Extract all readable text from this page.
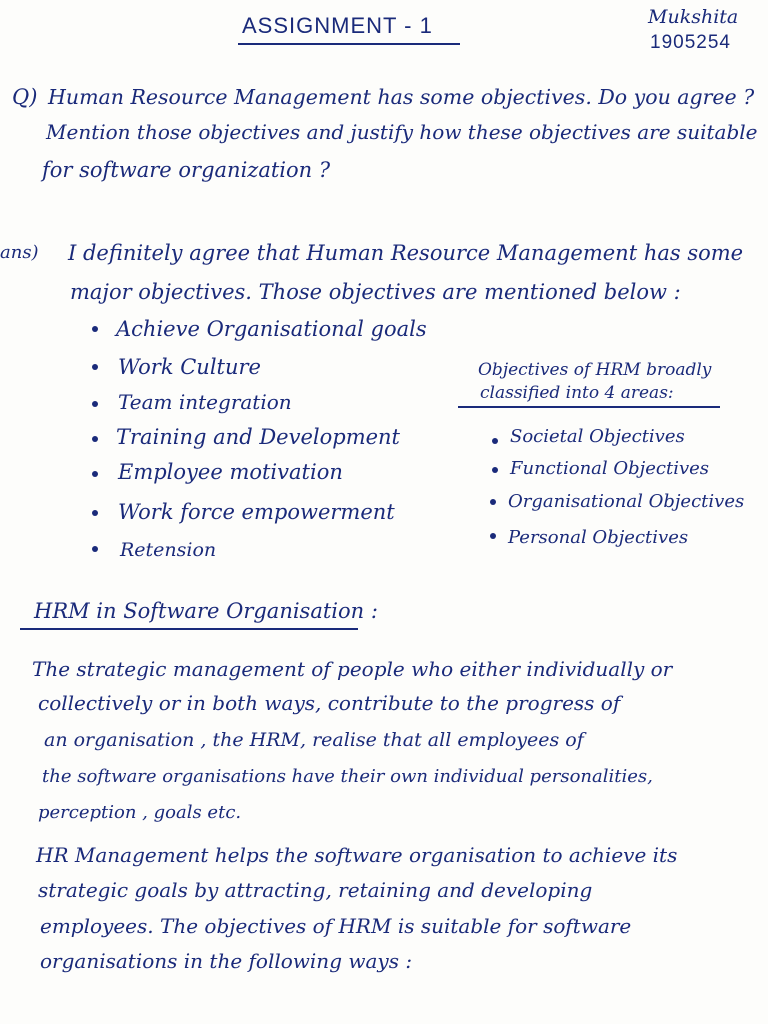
ASSIGNMENT - 1	Mukshita
1905254
Q) Human Resource Management has some objectives. Do you agree ?
Mention those objectives and justify how these objectives are suitable
for software organization ?
ans) I definitely agree that Human Resource Management has some
major objectives. Those objectives are mentioned below :
Achieve Organisational goals
Work Culture
Team integration
Training and Development
Employee motivation
Work force empowerment
Retension
Objectives of HRM broadly
classified into 4 areas:
Societal Objectives
Functional Objectives
Organisational Objectives
Personal Objectives
HRM in Software Organisation :
The strategic management of people who either individually or
collectively or in both ways, contribute to the progress of
an organisation , the HRM, realise that all employees of
the software organisations have their own individual personalities,
perception , goals etc.
HR Management helps the software organisation to achieve its
strategic goals by attracting, retaining and developing
employees. The objectives of HRM is suitable for software
organisations in the following ways :
